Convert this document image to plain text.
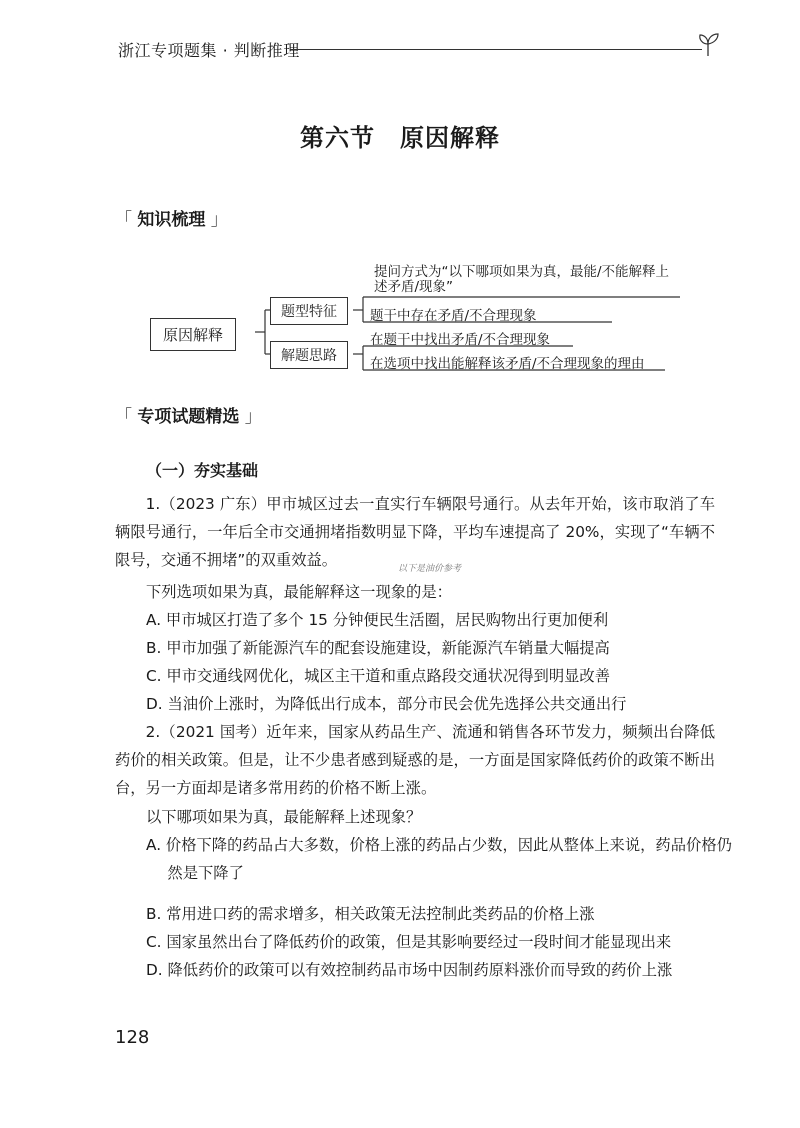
浙江专项题集 · 判断推理
第六节　原因解释
「 知识梳理 」
原因解释
题型特征
解题思路
提问方式为“以下哪项如果为真，最能/不能解释上述矛盾/现象”
题干中存在矛盾/不合理现象
在题干中找出矛盾/不合理现象
在选项中找出能解释该矛盾/不合理现象的理由
「 专项试题精选 」
（一）夯实基础
1.（2023 广东）甲市城区过去一直实行车辆限号通行。从去年开始，该市取消了车辆限号通行，一年后全市交通拥堵指数明显下降，平均车速提高了 20%，实现了“车辆不限号，交通不拥堵”的双重效益。	以下是油价参考
下列选项如果为真，最能解释这一现象的是：
A. 甲市城区打造了多个 15 分钟便民生活圈，居民购物出行更加便利
B. 甲市加强了新能源汽车的配套设施建设，新能源汽车销量大幅提高
C. 甲市交通线网优化，城区主干道和重点路段交通状况得到明显改善
D. 当油价上涨时，为降低出行成本，部分市民会优先选择公共交通出行
2.（2021 国考）近年来，国家从药品生产、流通和销售各环节发力，频频出台降低药价的相关政策。但是，让不少患者感到疑惑的是，一方面是国家降低药价的政策不断出台，另一方面却是诸多常用药的价格不断上涨。
以下哪项如果为真，最能解释上述现象？
A. 价格下降的药品占大多数，价格上涨的药品占少数，因此从整体上来说，药品价格仍然是下降了
B. 常用进口药的需求增多，相关政策无法控制此类药品的价格上涨
C. 国家虽然出台了降低药价的政策，但是其影响要经过一段时间才能显现出来
D. 降低药价的政策可以有效控制药品市场中因制药原料涨价而导致的药价上涨
128
